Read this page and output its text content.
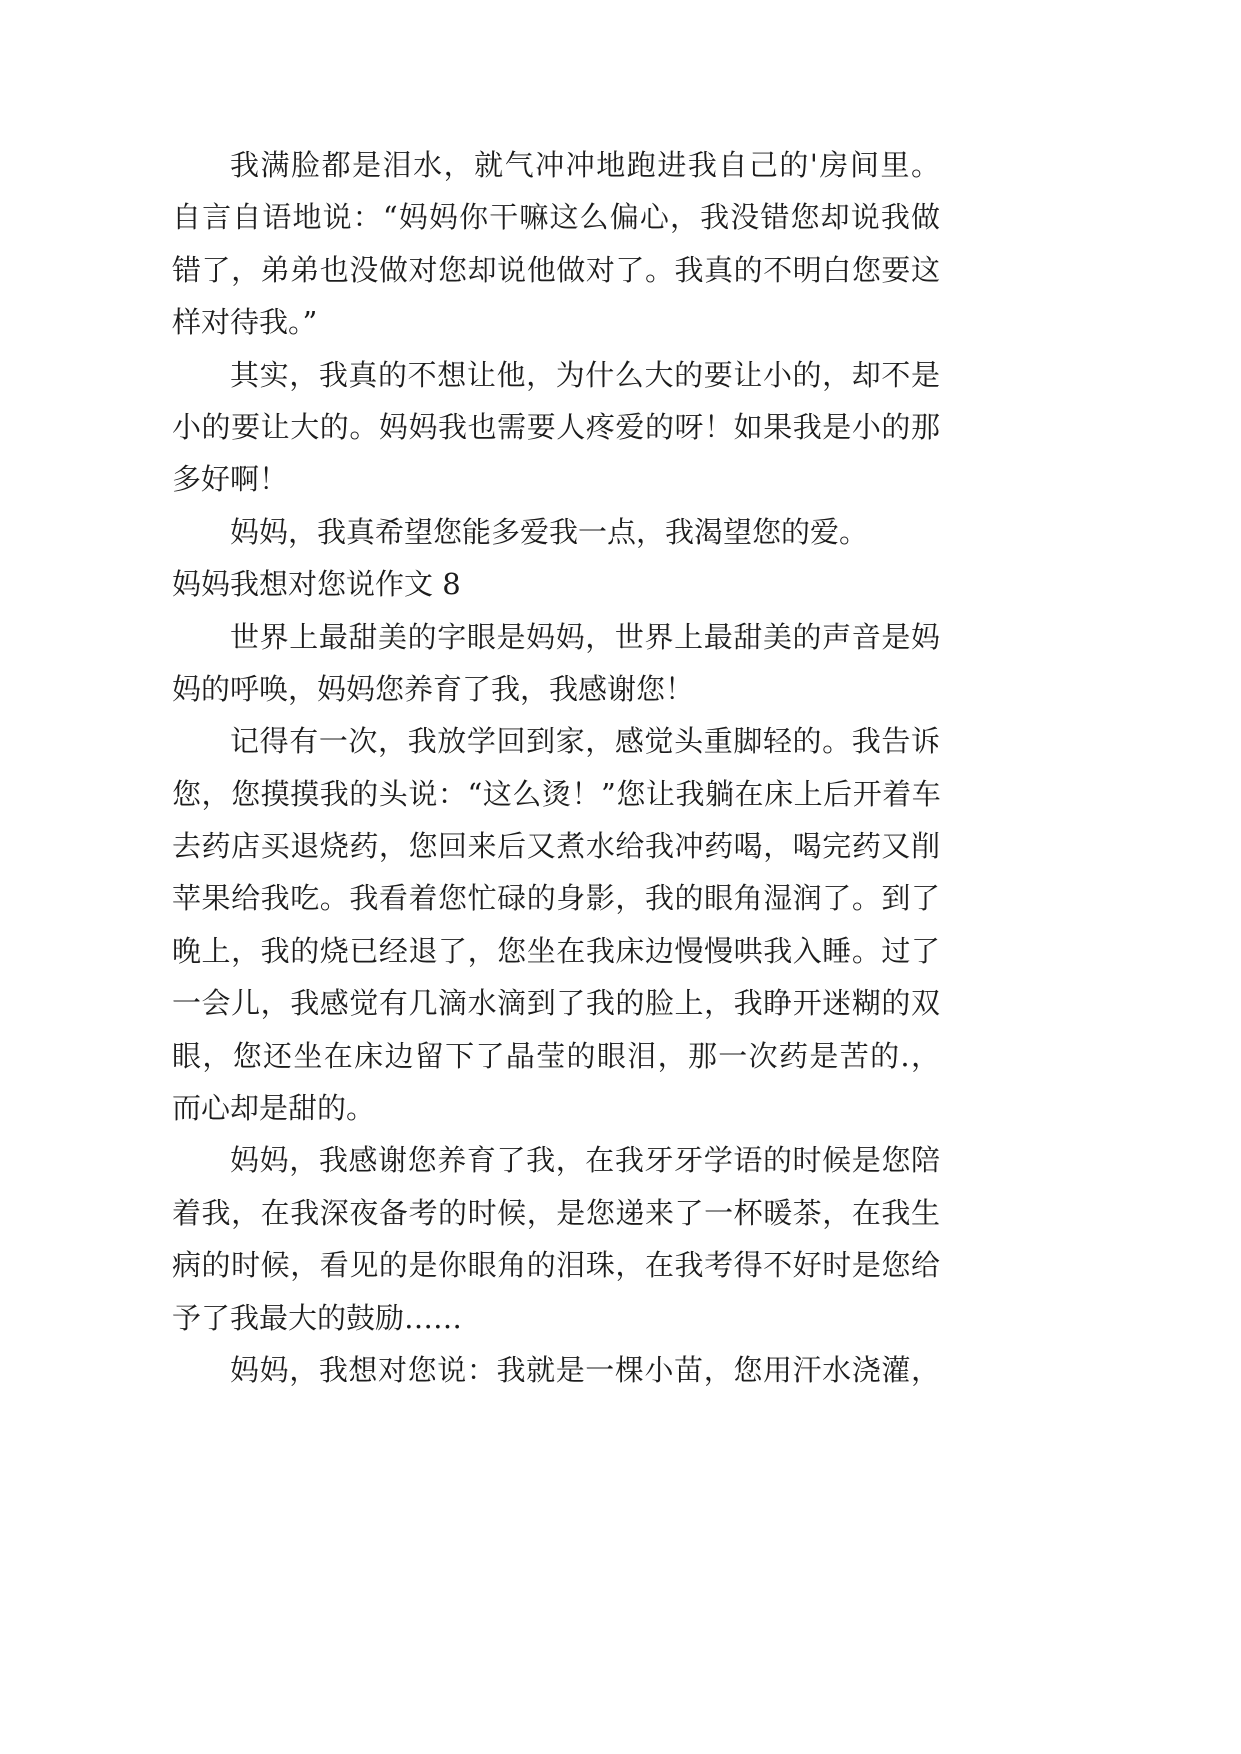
我满脸都是泪水，就气冲冲地跑进我自己的'房间里。
自言自语地说：“妈妈你干嘛这么偏心，我没错您却说我做
错了，弟弟也没做对您却说他做对了。我真的不明白您要这
样对待我。”
其实，我真的不想让他，为什么大的要让小的，却不是
小的要让大的。妈妈我也需要人疼爱的呀！如果我是小的那
多好啊！
妈妈，我真希望您能多爱我一点，我渴望您的爱。
妈妈我想对您说作文 8
世界上最甜美的字眼是妈妈，世界上最甜美的声音是妈
妈的呼唤，妈妈您养育了我，我感谢您！
记得有一次，我放学回到家，感觉头重脚轻的。我告诉
您，您摸摸我的头说：“这么烫！”您让我躺在床上后开着车
去药店买退烧药，您回来后又煮水给我冲药喝，喝完药又削
苹果给我吃。我看着您忙碌的身影，我的眼角湿润了。到了
晚上，我的烧已经退了，您坐在我床边慢慢哄我入睡。过了
一会儿，我感觉有几滴水滴到了我的脸上，我睁开迷糊的双
眼，您还坐在床边留下了晶莹的眼泪，那一次药是苦的.，
而心却是甜的。
妈妈，我感谢您养育了我，在我牙牙学语的时候是您陪
着我，在我深夜备考的时候，是您递来了一杯暖茶，在我生
病的时候，看见的是你眼角的泪珠，在我考得不好时是您给
予了我最大的鼓励……
妈妈，我想对您说：我就是一棵小苗，您用汗水浇灌，
